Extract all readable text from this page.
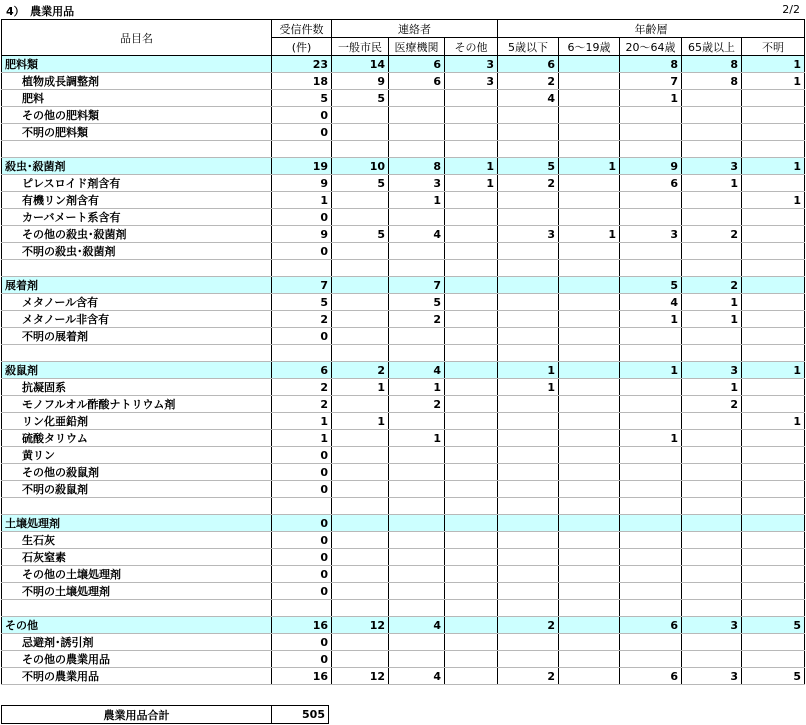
4）　農業用品	2/2
品目名	受信件数	連絡者			年齢層				
	(件)	一般市民	医療機関	その他	5歳以下	6～19歳	20～64歳	65歳以上	不明
肥料類	23	14	6	3	6		8	8	1
植物成長調整剤	18	9	6	3	2		7	8	1
肥料	5	5			4		1		
その他の肥料類	0								
不明の肥料類	0								

殺虫･殺菌剤	19	10	8	1	5	1	9	3	1
ピレスロイド剤含有	9	5	3	1	2		6	1	
有機リン剤含有	1		1						1
カーバメート系含有	0								
その他の殺虫･殺菌剤	9	5	4		3	1	3	2	
不明の殺虫･殺菌剤	0								

展着剤	7		7				5	2	
メタノール含有	5		5				4	1	
メタノール非含有	2		2				1	1	
不明の展着剤	0								

殺鼠剤	6	2	4		1		1	3	1
抗凝固系	2	1	1		1			1	
モノフルオル酢酸ナトリウム剤	2		2					2	
リン化亜鉛剤	1	1							1
硫酸タリウム	1		1				1		
黄リン	0								
その他の殺鼠剤	0								
不明の殺鼠剤	0								

土壌処理剤	0								
生石灰	0								
石灰窒素	0								
その他の土壌処理剤	0								
不明の土壌処理剤	0								

その他	16	12	4		2		6	3	5
忌避剤･誘引剤	0								
その他の農業用品	0								
不明の農業用品	16	12	4		2		6	3	5
農業用品合計	505
